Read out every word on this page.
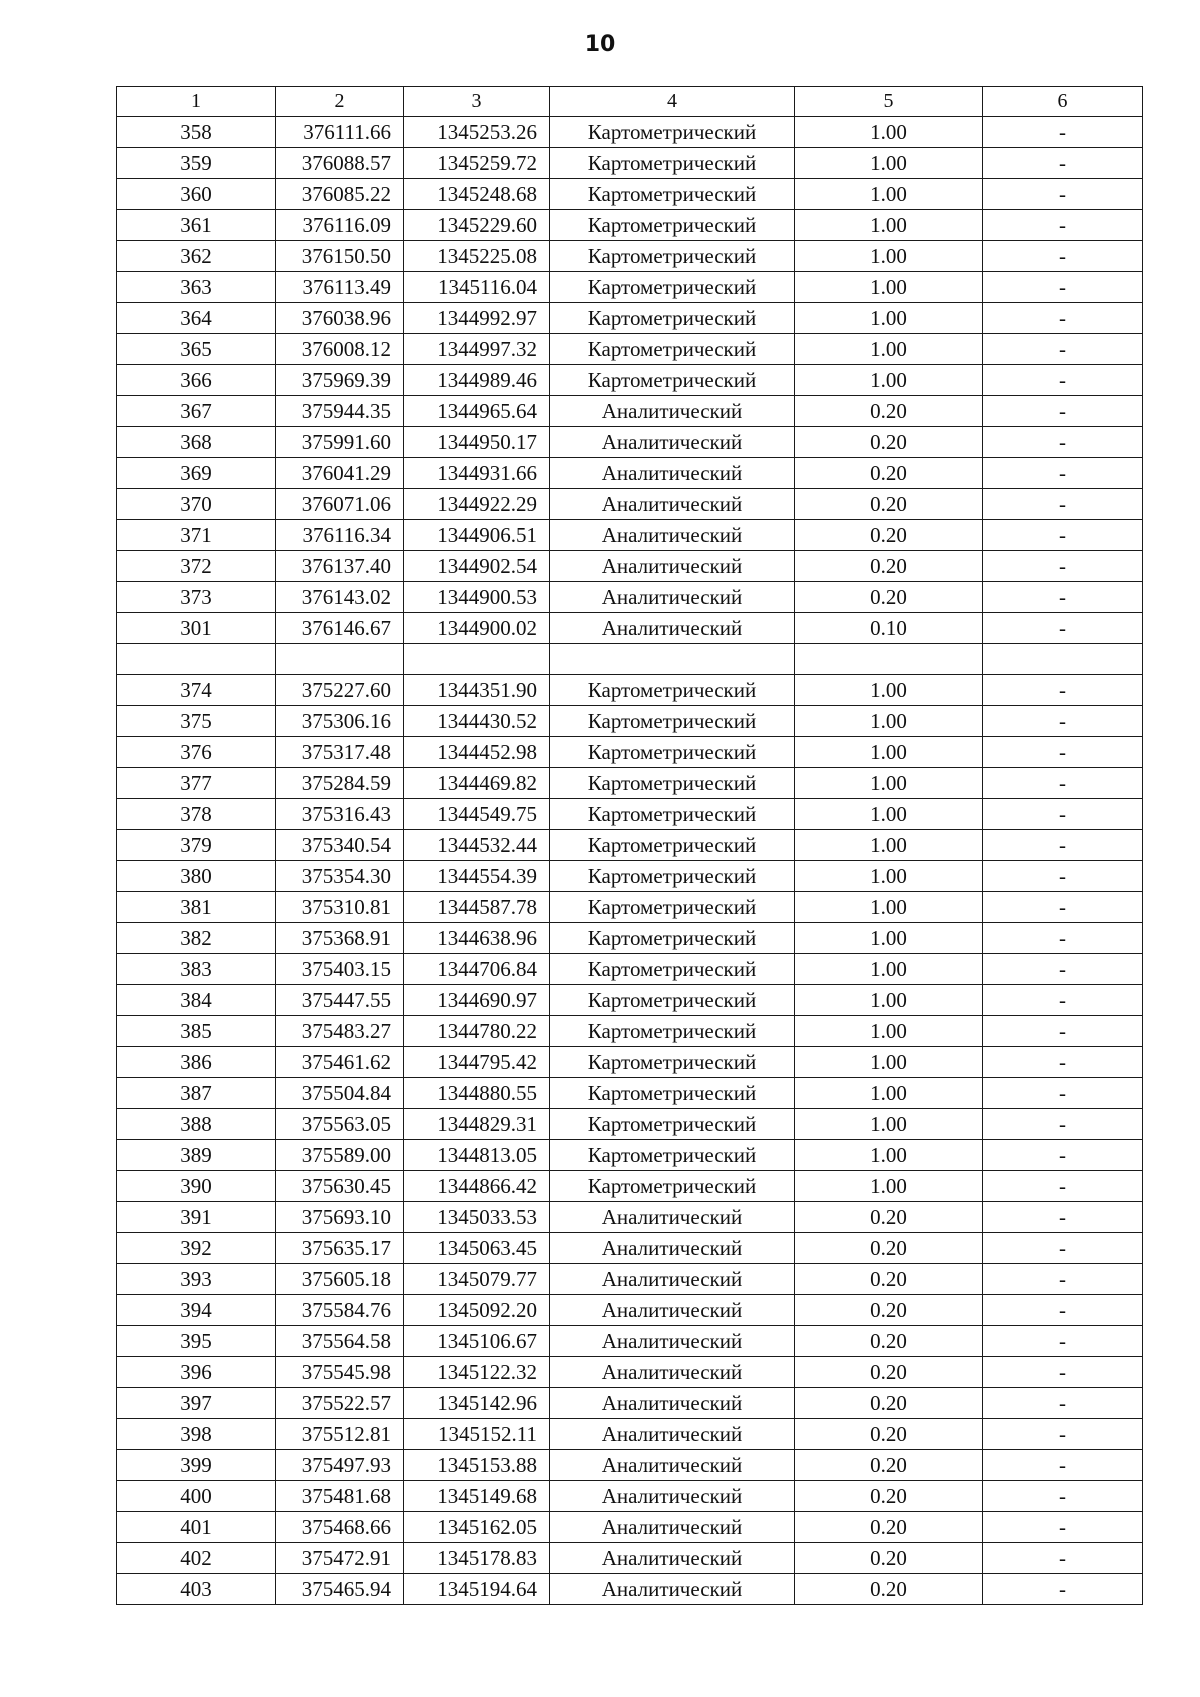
10
1	2	3	4	5	6
358	376111.66	1345253.26	Картометрический	1.00	-
359	376088.57	1345259.72	Картометрический	1.00	-
360	376085.22	1345248.68	Картометрический	1.00	-
361	376116.09	1345229.60	Картометрический	1.00	-
362	376150.50	1345225.08	Картометрический	1.00	-
363	376113.49	1345116.04	Картометрический	1.00	-
364	376038.96	1344992.97	Картометрический	1.00	-
365	376008.12	1344997.32	Картометрический	1.00	-
366	375969.39	1344989.46	Картометрический	1.00	-
367	375944.35	1344965.64	Аналитический	0.20	-
368	375991.60	1344950.17	Аналитический	0.20	-
369	376041.29	1344931.66	Аналитический	0.20	-
370	376071.06	1344922.29	Аналитический	0.20	-
371	376116.34	1344906.51	Аналитический	0.20	-
372	376137.40	1344902.54	Аналитический	0.20	-
373	376143.02	1344900.53	Аналитический	0.20	-
301	376146.67	1344900.02	Аналитический	0.10	-

374	375227.60	1344351.90	Картометрический	1.00	-
375	375306.16	1344430.52	Картометрический	1.00	-
376	375317.48	1344452.98	Картометрический	1.00	-
377	375284.59	1344469.82	Картометрический	1.00	-
378	375316.43	1344549.75	Картометрический	1.00	-
379	375340.54	1344532.44	Картометрический	1.00	-
380	375354.30	1344554.39	Картометрический	1.00	-
381	375310.81	1344587.78	Картометрический	1.00	-
382	375368.91	1344638.96	Картометрический	1.00	-
383	375403.15	1344706.84	Картометрический	1.00	-
384	375447.55	1344690.97	Картометрический	1.00	-
385	375483.27	1344780.22	Картометрический	1.00	-
386	375461.62	1344795.42	Картометрический	1.00	-
387	375504.84	1344880.55	Картометрический	1.00	-
388	375563.05	1344829.31	Картометрический	1.00	-
389	375589.00	1344813.05	Картометрический	1.00	-
390	375630.45	1344866.42	Картометрический	1.00	-
391	375693.10	1345033.53	Аналитический	0.20	-
392	375635.17	1345063.45	Аналитический	0.20	-
393	375605.18	1345079.77	Аналитический	0.20	-
394	375584.76	1345092.20	Аналитический	0.20	-
395	375564.58	1345106.67	Аналитический	0.20	-
396	375545.98	1345122.32	Аналитический	0.20	-
397	375522.57	1345142.96	Аналитический	0.20	-
398	375512.81	1345152.11	Аналитический	0.20	-
399	375497.93	1345153.88	Аналитический	0.20	-
400	375481.68	1345149.68	Аналитический	0.20	-
401	375468.66	1345162.05	Аналитический	0.20	-
402	375472.91	1345178.83	Аналитический	0.20	-
403	375465.94	1345194.64	Аналитический	0.20	-
